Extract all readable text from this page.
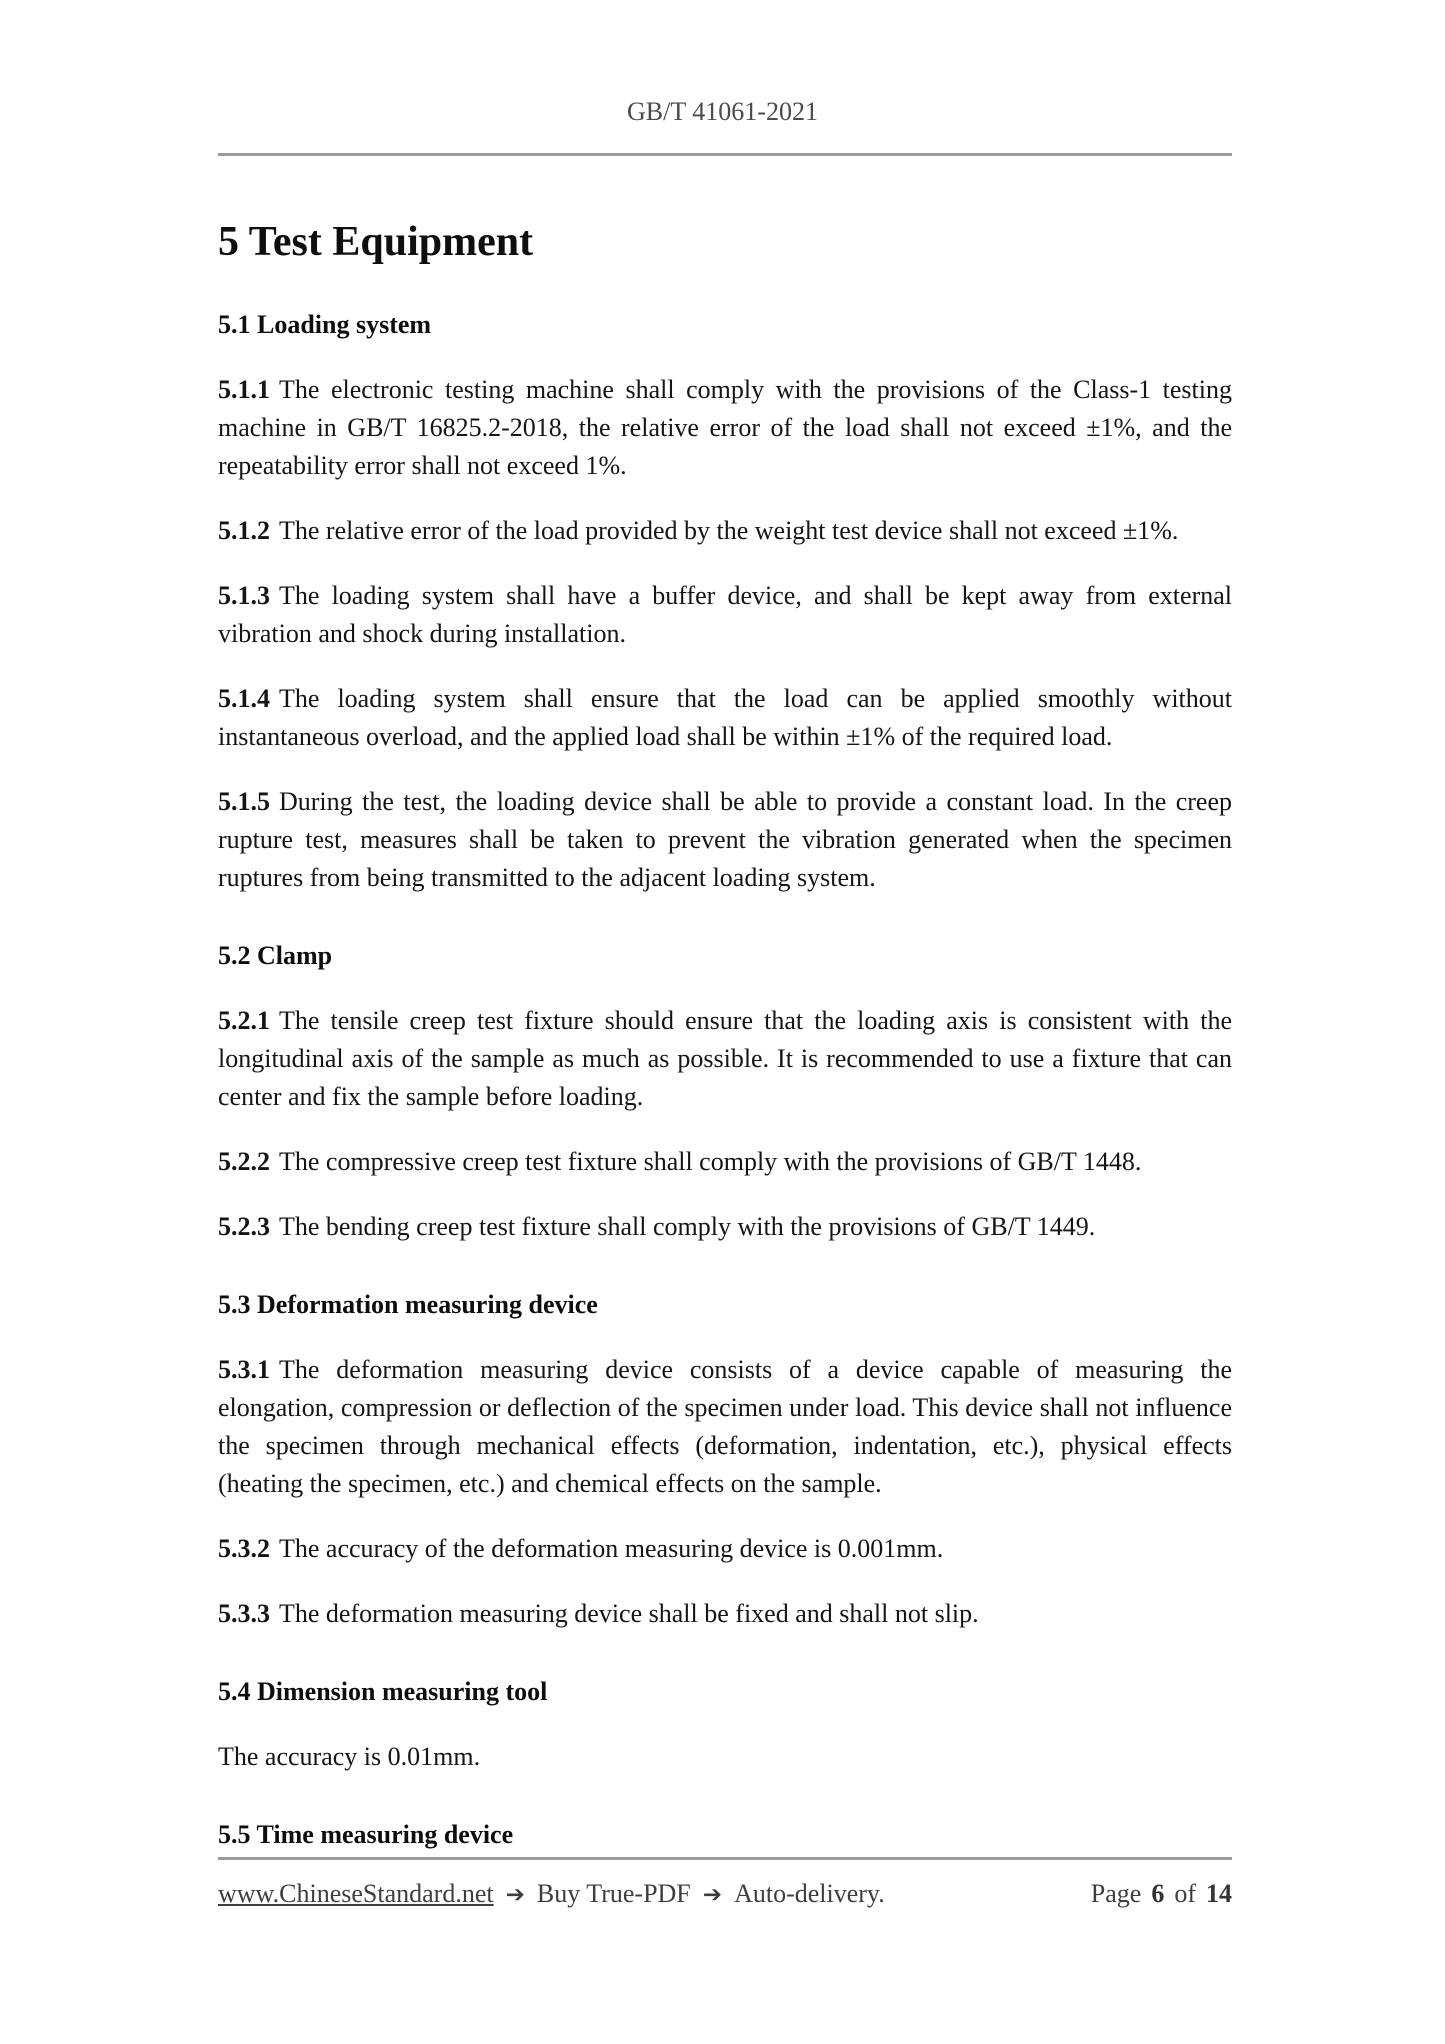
GB/T 41061-2021
5 Test Equipment
5.1 Loading system

5.1.1 The electronic testing machine shall comply with the provisions of the Class-1 testing machine in GB/T 16825.2-2018, the relative error of the load shall not exceed ±1%, and the repeatability error shall not exceed 1%.

5.1.2 The relative error of the load provided by the weight test device shall not exceed ±1%.

5.1.3 The loading system shall have a buffer device, and shall be kept away from external vibration and shock during installation.

5.1.4 The loading system shall ensure that the load can be applied smoothly without instantaneous overload, and the applied load shall be within ±1% of the required load.

5.1.5 During the test, the loading device shall be able to provide a constant load. In the creep rupture test, measures shall be taken to prevent the vibration generated when the specimen ruptures from being transmitted to the adjacent loading system.

5.2 Clamp

5.2.1 The tensile creep test fixture should ensure that the loading axis is consistent with the longitudinal axis of the sample as much as possible. It is recommended to use a fixture that can center and fix the sample before loading.

5.2.2 The compressive creep test fixture shall comply with the provisions of GB/T 1448.

5.2.3 The bending creep test fixture shall comply with the provisions of GB/T 1449.

5.3 Deformation measuring device

5.3.1 The deformation measuring device consists of a device capable of measuring the elongation, compression or deflection of the specimen under load. This device shall not influence the specimen through mechanical effects (deformation, indentation, etc.), physical effects (heating the specimen, etc.) and chemical effects on the sample.

5.3.2 The accuracy of the deformation measuring device is 0.001mm.

5.3.3 The deformation measuring device shall be fixed and shall not slip.

5.4 Dimension measuring tool

The accuracy is 0.01mm.

5.5 Time measuring device
www.ChineseStandard.net ➔ Buy True-PDF ➔ Auto-delivery.	Page 6 of 14
